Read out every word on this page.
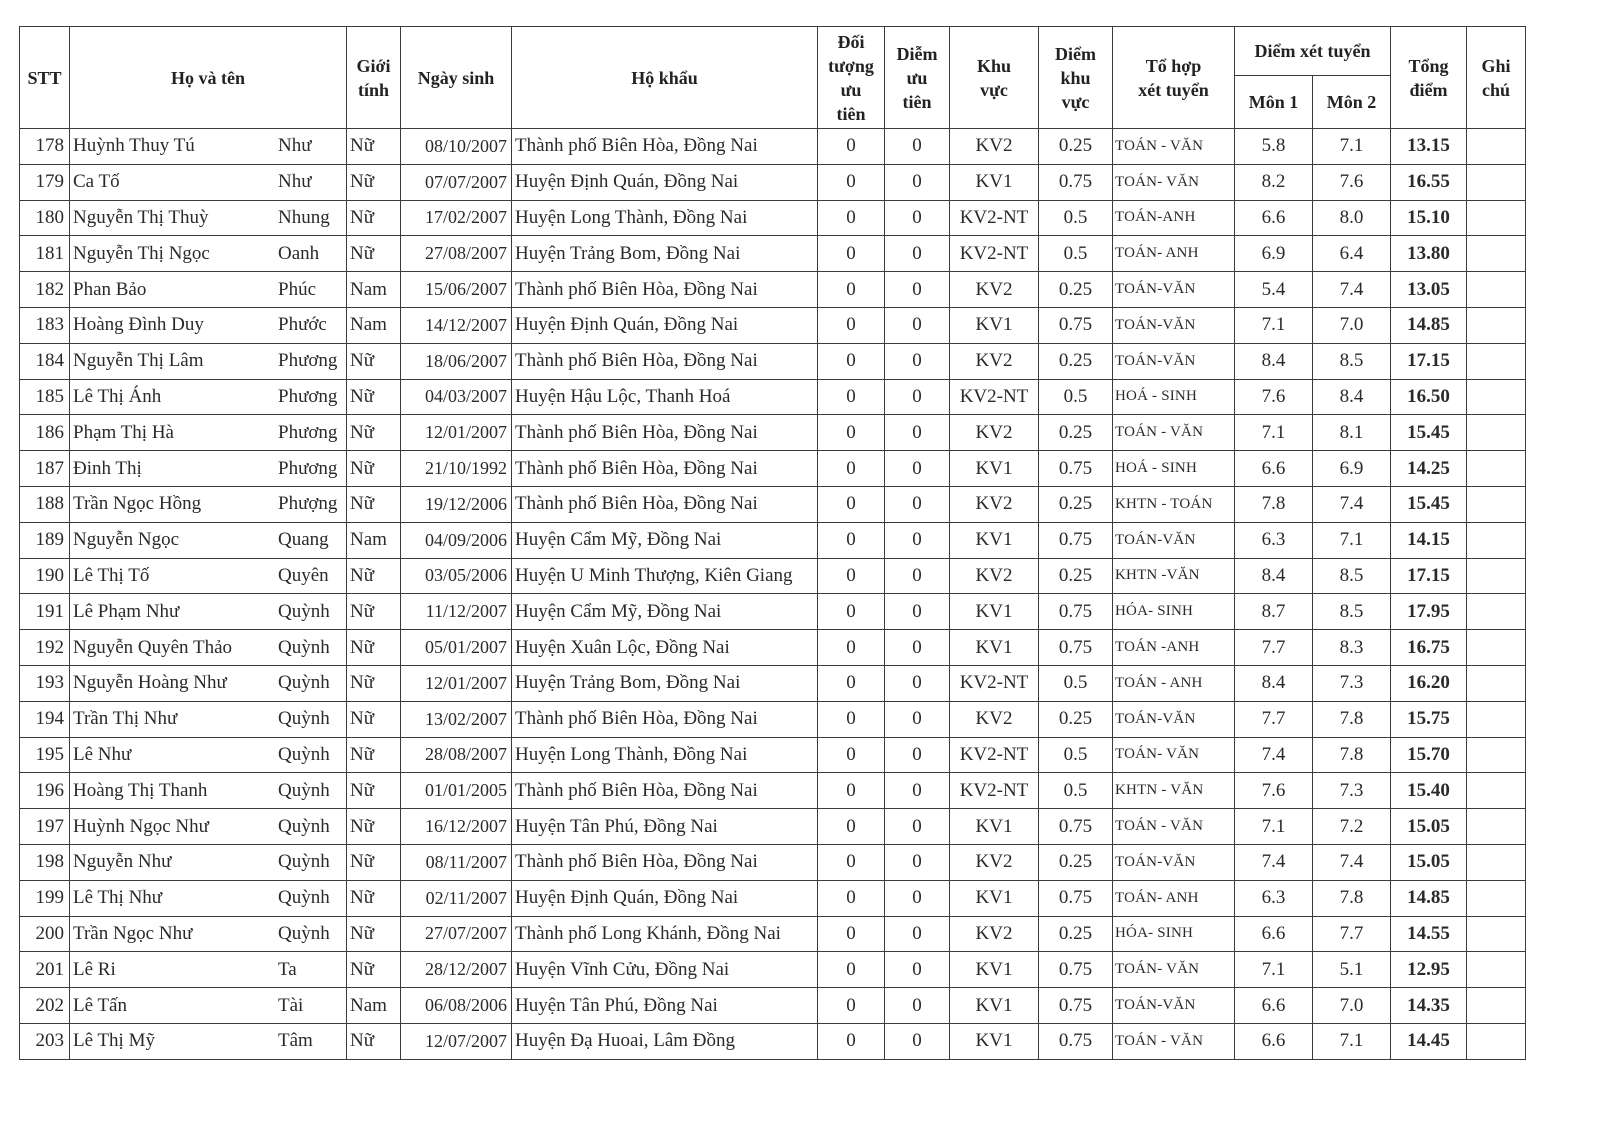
STT	Họ và tên	Giới
tính	Ngày sinh	Hộ khẩu	Đối
tượng
ưu
tiên	Diễm
ưu
tiên	Khu
vực	Diểm
khu
vực	Tổ hợp
xét tuyển	Diểm xét tuyển		Tổng
điểm	Ghi
chú
										Môn 1	Môn 2		
178	Huỳnh Thuy Tú Như	Nữ	08/10/2007	Thành phố Biên Hòa, Đồng Nai	0	0	KV2	0.25	TOÁN - VĂN	5.8	7.1	13.15	
179	Ca Tố Như	Nữ	07/07/2007	Huyện Định Quán, Đồng Nai	0	0	KV1	0.75	TOÁN- VĂN	8.2	7.6	16.55	
180	Nguyễn Thị Thuỳ Nhung	Nữ	17/02/2007	Huyện Long Thành, Đồng Nai	0	0	KV2-NT	0.5	TOÁN-ANH	6.6	8.0	15.10	
181	Nguyễn Thị Ngọc Oanh	Nữ	27/08/2007	Huyện Trảng Bom, Đồng Nai	0	0	KV2-NT	0.5	TOÁN- ANH	6.9	6.4	13.80	
182	Phan Bảo Phúc	Nam	15/06/2007	Thành phố Biên Hòa, Đồng Nai	0	0	KV2	0.25	TOÁN-VĂN	5.4	7.4	13.05	
183	Hoàng Đình Duy Phước	Nam	14/12/2007	Huyện Định Quán, Đồng Nai	0	0	KV1	0.75	TOÁN-VĂN	7.1	7.0	14.85	
184	Nguyễn Thị Lâm Phương	Nữ	18/06/2007	Thành phố Biên Hòa, Đồng Nai	0	0	KV2	0.25	TOÁN-VĂN	8.4	8.5	17.15	
185	Lê Thị Ánh Phương	Nữ	04/03/2007	Huyện Hậu Lộc, Thanh Hoá	0	0	KV2-NT	0.5	HOÁ - SINH	7.6	8.4	16.50	
186	Phạm Thị Hà Phương	Nữ	12/01/2007	Thành phố Biên Hòa, Đồng Nai	0	0	KV2	0.25	TOÁN - VĂN	7.1	8.1	15.45	
187	Đinh Thị Phương	Nữ	21/10/1992	Thành phố Biên Hòa, Đồng Nai	0	0	KV1	0.75	HOÁ - SINH	6.6	6.9	14.25	
188	Trần Ngọc Hồng Phượng	Nữ	19/12/2006	Thành phố Biên Hòa, Đồng Nai	0	0	KV2	0.25	KHTN - TOÁN	7.8	7.4	15.45	
189	Nguyễn Ngọc Quang	Nam	04/09/2006	Huyện Cẩm Mỹ, Đồng Nai	0	0	KV1	0.75	TOÁN-VĂN	6.3	7.1	14.15	
190	Lê Thị Tố Quyên	Nữ	03/05/2006	Huyện U Minh Thượng, Kiên Giang	0	0	KV2	0.25	KHTN -VĂN	8.4	8.5	17.15	
191	Lê Phạm Như Quỳnh	Nữ	11/12/2007	Huyện Cẩm Mỹ, Đồng Nai	0	0	KV1	0.75	HÓA- SINH	8.7	8.5	17.95	
192	Nguyễn Quyên Thảo Quỳnh	Nữ	05/01/2007	Huyện Xuân Lộc, Đồng Nai	0	0	KV1	0.75	TOÁN -ANH	7.7	8.3	16.75	
193	Nguyễn Hoàng Như Quỳnh	Nữ	12/01/2007	Huyện Trảng Bom, Đồng Nai	0	0	KV2-NT	0.5	TOÁN - ANH	8.4	7.3	16.20	
194	Trần Thị Như Quỳnh	Nữ	13/02/2007	Thành phố Biên Hòa, Đồng Nai	0	0	KV2	0.25	TOÁN-VĂN	7.7	7.8	15.75	
195	Lê Như Quỳnh	Nữ	28/08/2007	Huyện Long Thành, Đồng Nai	0	0	KV2-NT	0.5	TOÁN- VĂN	7.4	7.8	15.70	
196	Hoàng Thị Thanh Quỳnh	Nữ	01/01/2005	Thành phố Biên Hòa, Đồng Nai	0	0	KV2-NT	0.5	KHTN - VĂN	7.6	7.3	15.40	
197	Huỳnh Ngọc Như Quỳnh	Nữ	16/12/2007	Huyện Tân Phú, Đồng Nai	0	0	KV1	0.75	TOÁN - VĂN	7.1	7.2	15.05	
198	Nguyễn Như Quỳnh	Nữ	08/11/2007	Thành phố Biên Hòa, Đồng Nai	0	0	KV2	0.25	TOÁN-VĂN	7.4	7.4	15.05	
199	Lê Thị Như Quỳnh	Nữ	02/11/2007	Huyện Định Quán, Đồng Nai	0	0	KV1	0.75	TOÁN- ANH	6.3	7.8	14.85	
200	Trần Ngọc Như Quỳnh	Nữ	27/07/2007	Thành phố Long Khánh, Đồng Nai	0	0	KV2	0.25	HÓA- SINH	6.6	7.7	14.55	
201	Lê Ri Ta	Nữ	28/12/2007	Huyện Vĩnh Cửu, Đồng Nai	0	0	KV1	0.75	TOÁN- VĂN	7.1	5.1	12.95	
202	Lê Tấn Tài	Nam	06/08/2006	Huyện Tân Phú, Đồng Nai	0	0	KV1	0.75	TOÁN-VĂN	6.6	7.0	14.35	
203	Lê Thị Mỹ Tâm	Nữ	12/07/2007	Huyện Đạ Huoai, Lâm Đồng	0	0	KV1	0.75	TOÁN - VĂN	6.6	7.1	14.45	
